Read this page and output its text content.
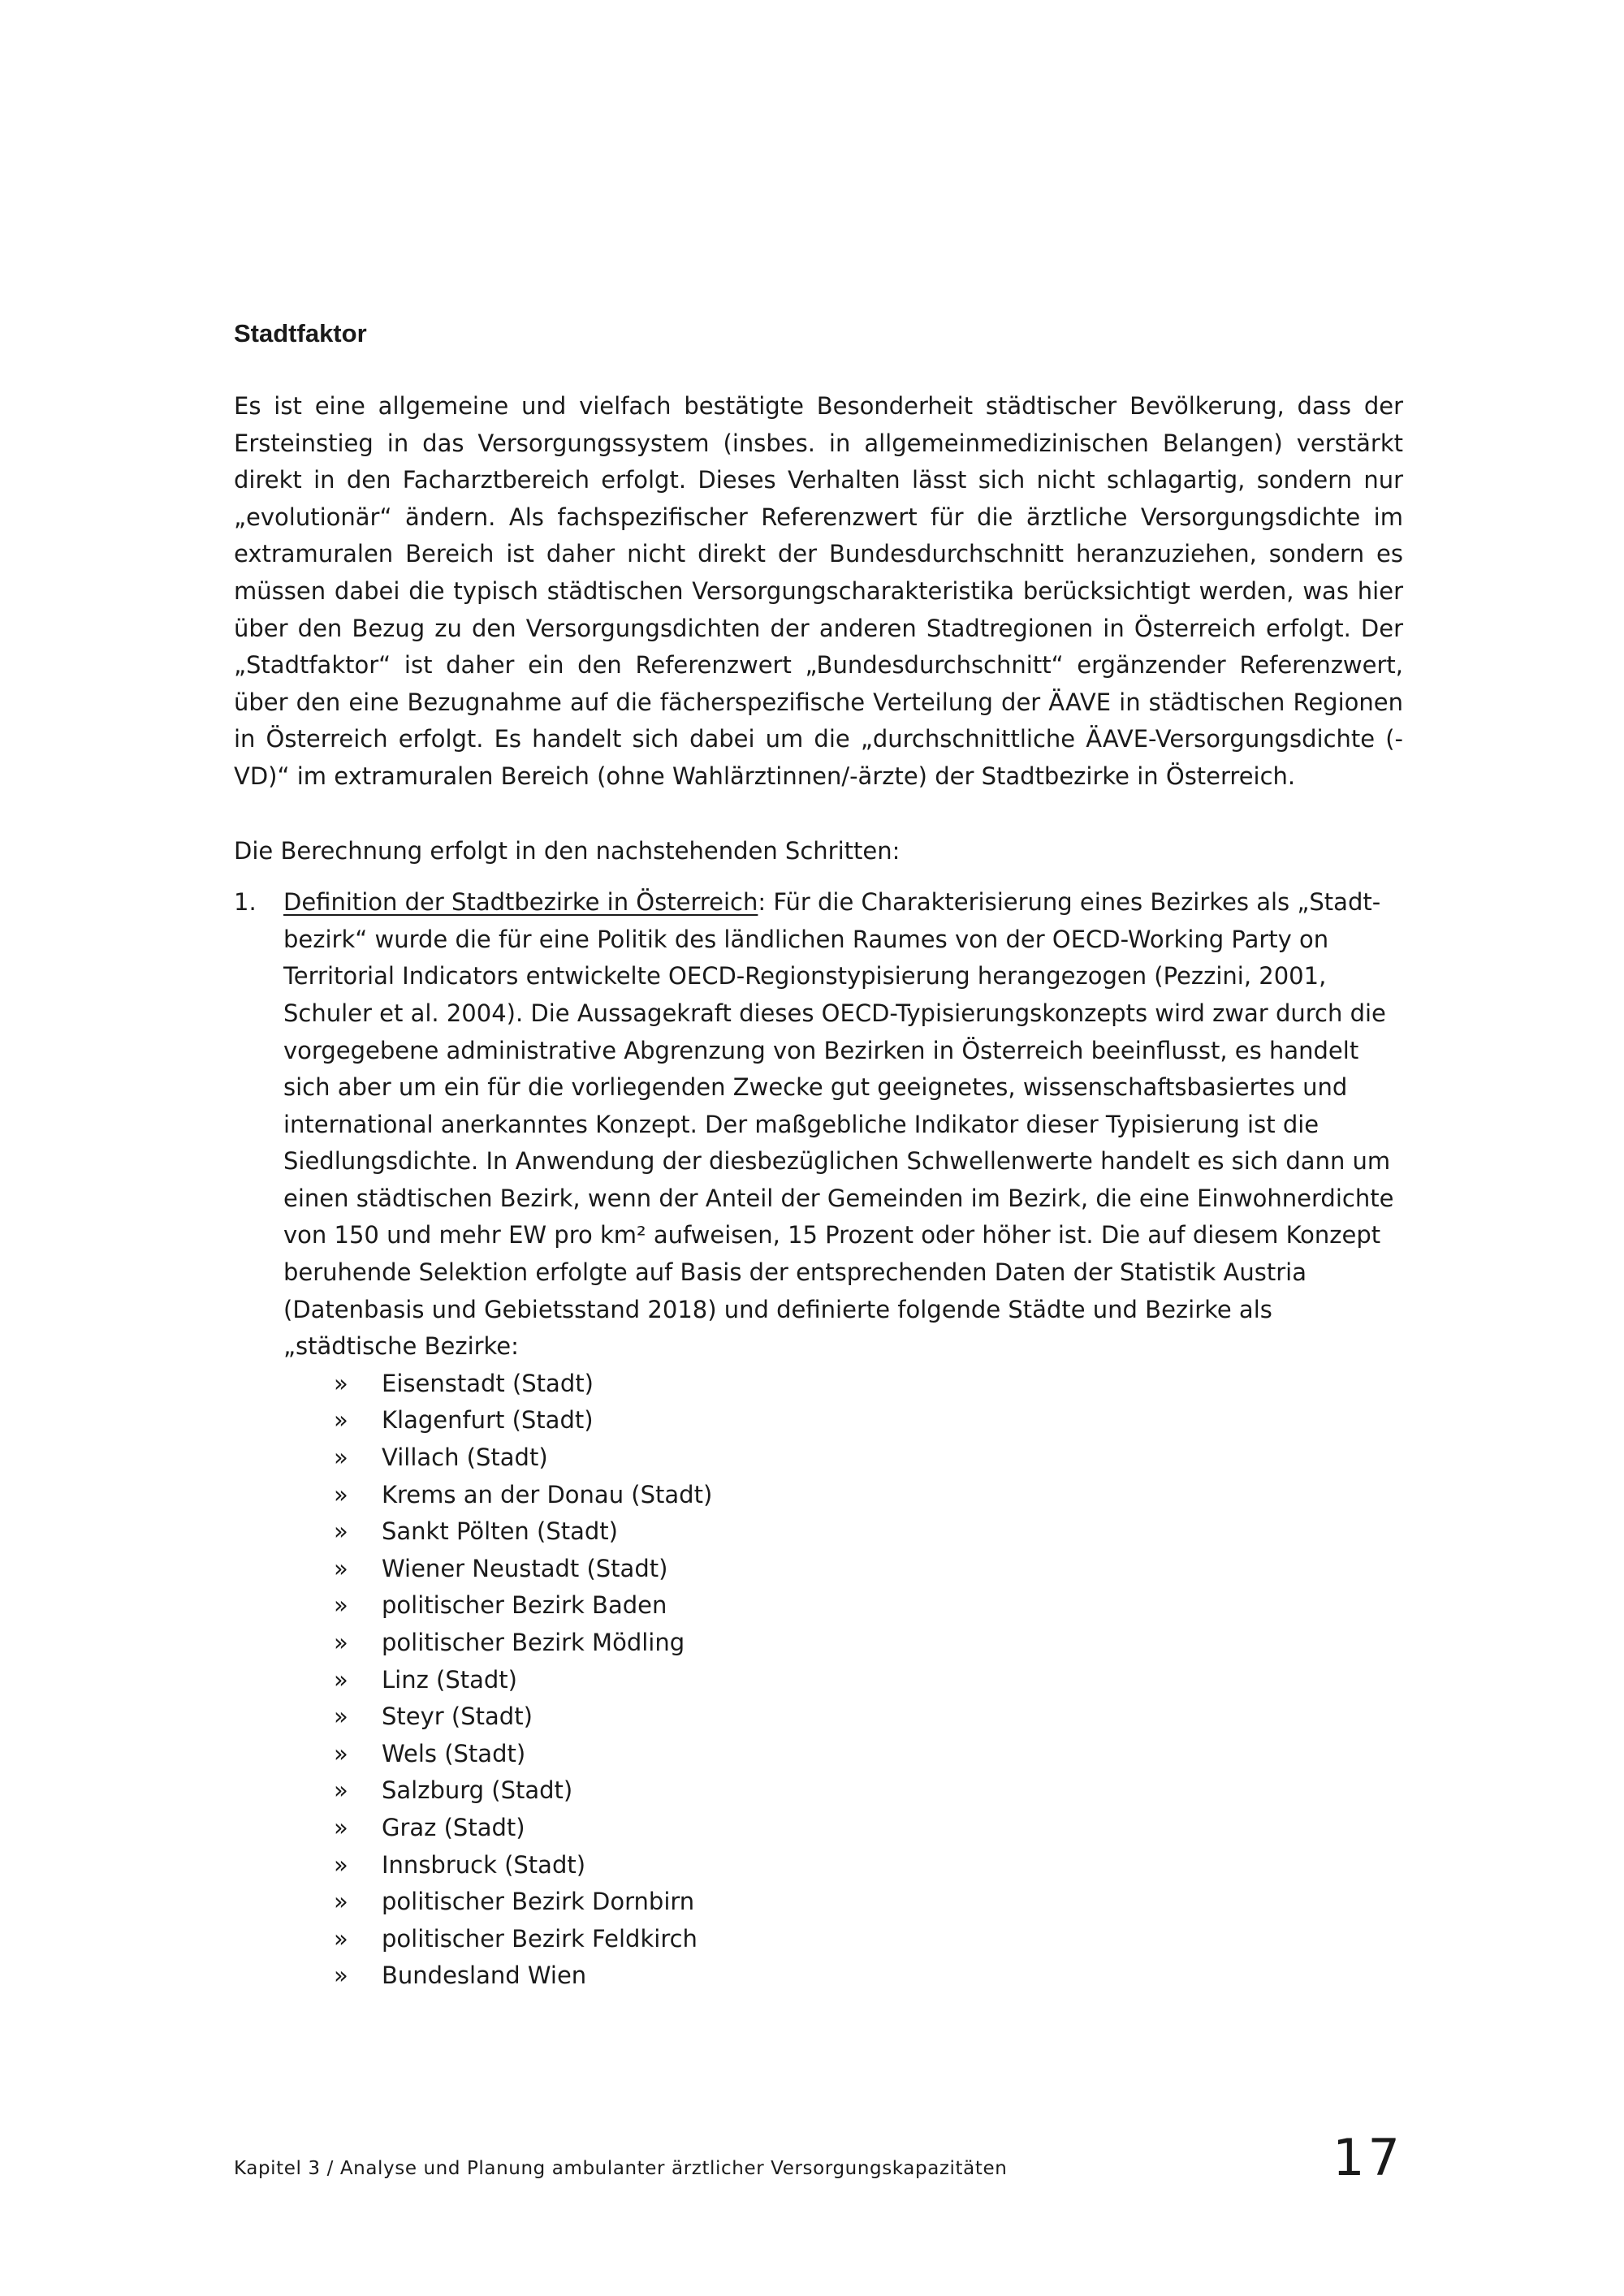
Stadtfaktor

Es ist eine allgemeine und vielfach bestätigte Besonderheit städtischer Bevölkerung, dass der Ersteinstieg in das Versorgungssystem (insbes. in allgemeinmedizinischen Belangen) verstärkt direkt in den Facharztbereich erfolgt. Dieses Verhalten lässt sich nicht schlagartig, sondern nur „evolutionär“ ändern. Als fachspezifischer Referenzwert für die ärztliche Versorgungsdichte im extramuralen Bereich ist daher nicht direkt der Bundesdurchschnitt heranzuziehen, sondern es müssen dabei die typisch städtischen Versorgungscharakteristika berücksichtigt werden, was hier über den Bezug zu den Versorgungsdichten der anderen Stadtregionen in Österreich erfolgt. Der „Stadtfaktor“ ist daher ein den Referenzwert „Bundesdurchschnitt“ ergänzender Referenzwert, über den eine Bezugnahme auf die fächerspezifische Verteilung der ÄAVE in städtischen Regionen in Österreich erfolgt. Es handelt sich dabei um die „durchschnittliche ÄAVE-Versorgungsdichte (-VD)“ im extramuralen Bereich (ohne Wahlärztinnen/-ärzte) der Stadtbezirke in Österreich.

Die Berechnung erfolgt in den nachstehenden Schritten:

1. Definition der Stadtbezirke in Österreich: Für die Charakterisierung eines Bezirkes als „Stadtbezirk“ wurde die für eine Politik des ländlichen Raumes von der OECD-Working Party on Territorial Indicators entwickelte OECD-Regionstypisierung herangezogen (Pezzini, 2001, Schuler et al. 2004). Die Aussagekraft dieses OECD-Typisierungskonzepts wird zwar durch die vorgegebene administrative Abgrenzung von Bezirken in Österreich beeinflusst, es handelt sich aber um ein für die vorliegenden Zwecke gut geeignetes, wissenschaftsbasiertes und international anerkanntes Konzept. Der maßgebliche Indikator dieser Typisierung ist die Siedlungsdichte. In Anwendung der diesbezüglichen Schwellenwerte handelt es sich dann um einen städtischen Bezirk, wenn der Anteil der Gemeinden im Bezirk, die eine Einwohnerdichte von 150 und mehr EW pro km² aufweisen, 15 Prozent oder höher ist. Die auf diesem Konzept beruhende Selektion erfolgte auf Basis der entsprechenden Daten der Statistik Austria (Datenbasis und Gebietsstand 2018) und definierte folgende Städte und Bezirke als „städtische Bezirke:
» Eisenstadt (Stadt)
» Klagenfurt (Stadt)
» Villach (Stadt)
» Krems an der Donau (Stadt)
» Sankt Pölten (Stadt)
» Wiener Neustadt (Stadt)
» politischer Bezirk Baden
» politischer Bezirk Mödling
» Linz (Stadt)
» Steyr (Stadt)
» Wels (Stadt)
» Salzburg (Stadt)
» Graz (Stadt)
» Innsbruck (Stadt)
» politischer Bezirk Dornbirn
» politischer Bezirk Feldkirch
» Bundesland Wien
Kapitel 3 / Analyse und Planung ambulanter ärztlicher Versorgungskapazitäten	17
